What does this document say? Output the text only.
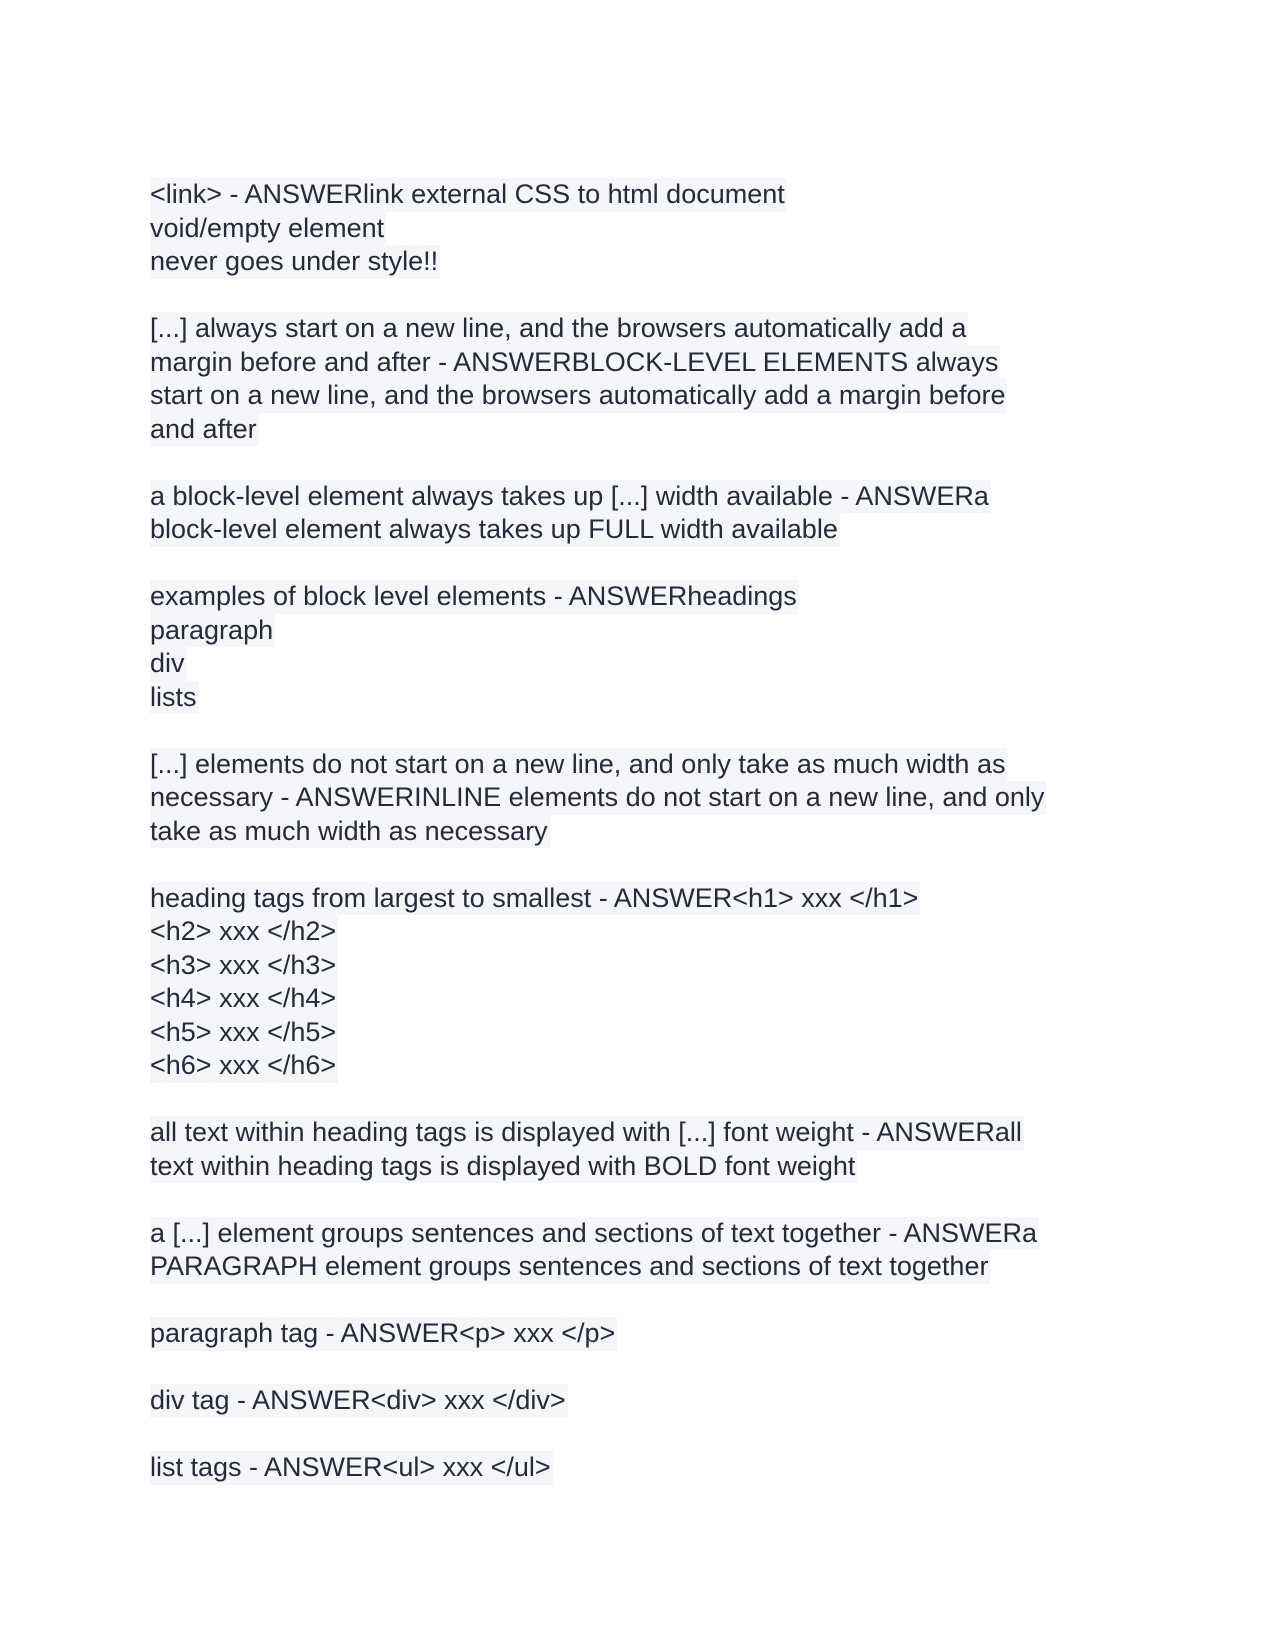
<link> - ANSWERlink external CSS to html document
void/empty element
never goes under style!!
[...] always start on a new line, and the browsers automatically add a
margin before and after - ANSWERBLOCK-LEVEL ELEMENTS always
start on a new line, and the browsers automatically add a margin before
and after
a block-level element always takes up [...] width available - ANSWERa
block-level element always takes up FULL width available
examples of block level elements - ANSWERheadings
paragraph
div
lists
[...] elements do not start on a new line, and only take as much width as
necessary - ANSWERINLINE elements do not start on a new line, and only
take as much width as necessary
heading tags from largest to smallest - ANSWER<h1> xxx </h1>
<h2> xxx </h2>
<h3> xxx </h3>
<h4> xxx </h4>
<h5> xxx </h5>
<h6> xxx </h6>
all text within heading tags is displayed with [...] font weight - ANSWERall
text within heading tags is displayed with BOLD font weight
a [...] element groups sentences and sections of text together - ANSWERa
PARAGRAPH element groups sentences and sections of text together
paragraph tag - ANSWER<p> xxx </p>
div tag - ANSWER<div> xxx </div>
list tags - ANSWER<ul> xxx </ul>
